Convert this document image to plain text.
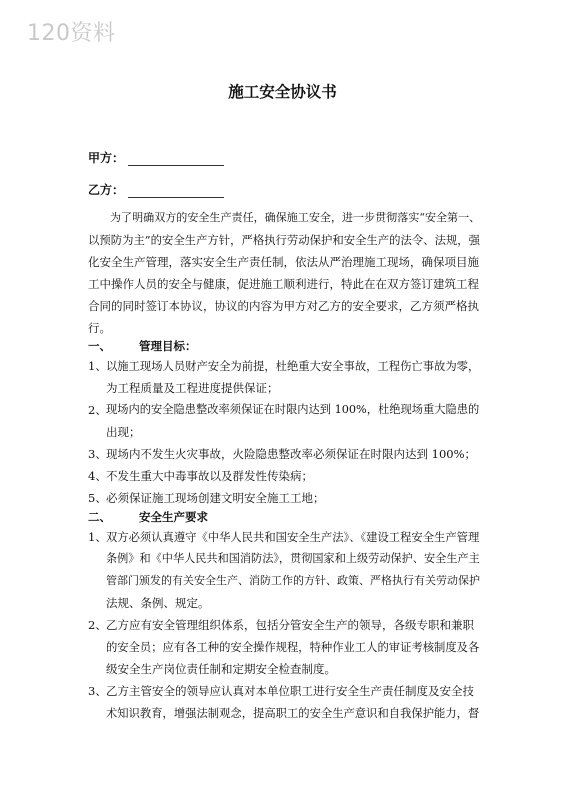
120资料
施工安全协议书
甲方：
乙方：
为了明确双方的安全生产责任，确保施工安全，进一步贯彻落实“安全第一、
以预防为主”的安全生产方针，严格执行劳动保护和安全生产的法令、法规，强
化安全生产管理，落实安全生产责任制，依法从严治理施工现场，确保项目施
工中操作人员的安全与健康，促进施工顺利进行，特此在在双方签订建筑工程
合同的同时签订本协议，协议的内容为甲方对乙方的安全要求，乙方须严格执
行。
一、 管理目标：
1、 以施工现场人员财产安全为前提，杜绝重大安全事故，工程伤亡事故为零，
为工程质量及工程进度提供保证；
2、 现场内的安全隐患整改率须保证在时限内达到 100%，杜绝现场重大隐患的
出现；
3、 现场内不发生火灾事故，火险隐患整改率必须保证在时限内达到 100%；
4、 不发生重大中毒事故以及群发性传染病；
5、 必须保证施工现场创建文明安全施工工地；
二、 安全生产要求
1、 双方必须认真遵守《中华人民共和国安全生产法》、《建设工程安全生产管理
条例》和《中华人民共和国消防法》，贯彻国家和上级劳动保护、安全生产主
管部门颁发的有关安全生产、消防工作的方针、政策、严格执行有关劳动保护
法规、条例、规定。
2、 乙方应有安全管理组织体系，包括分管安全生产的领导，各级专职和兼职
的安全员；应有各工种的安全操作规程，特种作业工人的审证考核制度及各
级安全生产岗位责任制和定期安全检查制度。
3、 乙方主管安全的领导应认真对本单位职工进行安全生产责任制度及安全技
术知识教育，增强法制观念，提高职工的安全生产意识和自我保护能力，督
